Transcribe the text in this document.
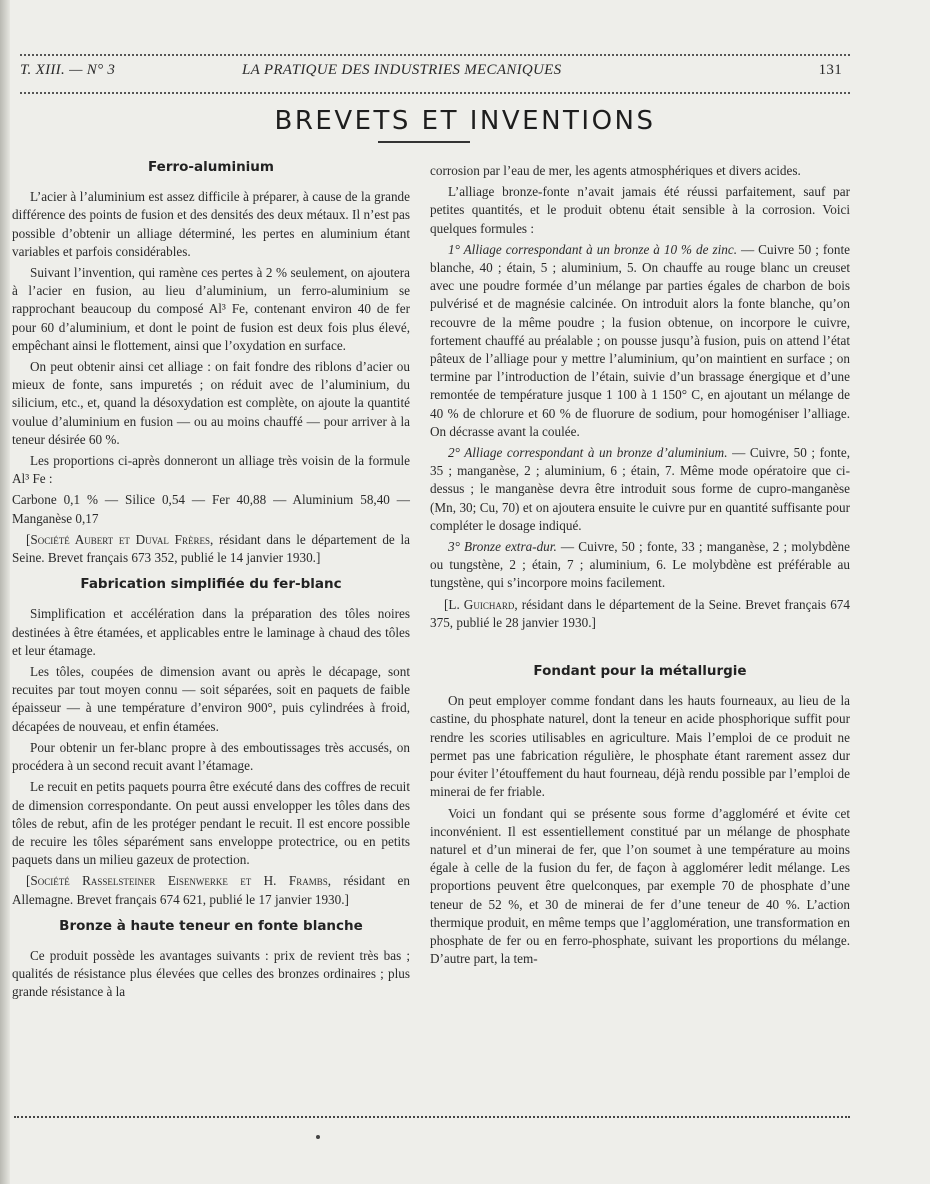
T. XIII. — N° 3	LA PRATIQUE DES INDUSTRIES MECANIQUES	131
BREVETS ET INVENTIONS
Ferro-aluminium

L’acier à l’aluminium est assez difficile à préparer, à cause de la grande différence des points de fusion et des densités des deux métaux. Il n’est pas possible d’obtenir un alliage déterminé, les pertes en aluminium étant variables et parfois considérables.

Suivant l’invention, qui ramène ces pertes à 2 % seulement, on ajoutera à l’acier en fusion, au lieu d’aluminium, un ferro-aluminium se rapprochant beaucoup du composé Al³ Fe, contenant environ 40 de fer pour 60 d’aluminium, et dont le point de fusion est deux fois plus élevé, empêchant ainsi le flottement, ainsi que l’oxydation en surface.

On peut obtenir ainsi cet alliage : on fait fondre des riblons d’acier ou mieux de fonte, sans impuretés ; on réduit avec de l’aluminium, du silicium, etc., et, quand la désoxydation est complète, on ajoute la quantité voulue d’aluminium en fusion — ou au moins chauffé — pour arriver à la teneur désirée 60 %.

Les proportions ci-après donneront un alliage très voisin de la formule Al³ Fe :

Carbone 0,1 % — Silice 0,54 — Fer 40,88 — Aluminium 58,40 — Manganèse 0,17

[Société Aubert et Duval Frères, résidant dans le département de la Seine. Brevet français 673 352, publié le 14 janvier 1930.]

Fabrication simplifiée du fer-blanc

Simplification et accélération dans la préparation des tôles noires destinées à être étamées, et applicables entre le laminage à chaud des tôles et leur étamage.

Les tôles, coupées de dimension avant ou après le décapage, sont recuites par tout moyen connu — soit séparées, soit en paquets de faible épaisseur — à une température d’environ 900°, puis cylindrées à froid, décapées de nouveau, et enfin étamées.

Pour obtenir un fer-blanc propre à des emboutissages très accusés, on procédera à un second recuit avant l’étamage.

Le recuit en petits paquets pourra être exécuté dans des coffres de recuit de dimension correspondante. On peut aussi envelopper les tôles dans des tôles de rebut, afin de les protéger pendant le recuit. Il est encore possible de recuire les tôles séparément sans enveloppe protectrice, ou en petits paquets dans un milieu gazeux de protection.

[Société Rasselsteiner Eisenwerke et H. Frambs, résidant en Allemagne. Brevet français 674 621, publié le 17 janvier 1930.]

Bronze à haute teneur en fonte blanche

Ce produit possède les avantages suivants : prix de revient très bas ; qualités de résistance plus élevées que celles des bronzes ordinaires ; plus grande résistance à la

corrosion par l’eau de mer, les agents atmosphériques et divers acides.

L’alliage bronze-fonte n’avait jamais été réussi parfaitement, sauf par petites quantités, et le produit obtenu était sensible à la corrosion. Voici quelques formules :

1° Alliage correspondant à un bronze à 10 % de zinc. — Cuivre 50 ; fonte blanche, 40 ; étain, 5 ; aluminium, 5. On chauffe au rouge blanc un creuset avec une poudre formée d’un mélange par parties égales de charbon de bois pulvérisé et de magnésie calcinée. On introduit alors la fonte blanche, qu’on recouvre de la même poudre ; la fusion obtenue, on incorpore le cuivre, fortement chauffé au préalable ; on pousse jusqu’à fusion, puis on attend l’état pâteux de l’alliage pour y mettre l’aluminium, qu’on maintient en surface ; on termine par l’introduction de l’étain, suivie d’un brassage énergique et d’une remontée de température jusque 1 100 à 1 150° C, en ajoutant un mélange de 40 % de chlorure et 60 % de fluorure de sodium, pour homogéniser l’alliage. On décrasse avant la coulée.

2° Alliage correspondant à un bronze d’aluminium. — Cuivre, 50 ; fonte, 35 ; manganèse, 2 ; aluminium, 6 ; étain, 7. Même mode opératoire que ci-dessus ; le manganèse devra être introduit sous forme de cupro-manganèse (Mn, 30; Cu, 70) et on ajoutera ensuite le cuivre pur en quantité suffisante pour compléter le dosage indiqué.

3° Bronze extra-dur. — Cuivre, 50 ; fonte, 33 ; manganèse, 2 ; molybdène ou tungstène, 2 ; étain, 7 ; aluminium, 6. Le molybdène est préférable au tungstène, qui s’incorpore moins facilement.

[L. Guichard, résidant dans le département de la Seine. Brevet français 674 375, publié le 28 janvier 1930.]

Fondant pour la métallurgie

On peut employer comme fondant dans les hauts fourneaux, au lieu de la castine, du phosphate naturel, dont la teneur en acide phosphorique suffit pour rendre les scories utilisables en agriculture. Mais l’emploi de ce produit ne permet pas une fabrication régulière, le phosphate étant rarement assez dur pour éviter l’étouffement du haut fourneau, déjà rendu possible par l’emploi de minerai de fer friable.

Voici un fondant qui se présente sous forme d’aggloméré et évite cet inconvénient. Il est essentiellement constitué par un mélange de phosphate naturel et d’un minerai de fer, que l’on soumet à une température au moins égale à celle de la fusion du fer, de façon à agglomérer ledit mélange. Les proportions peuvent être quelconques, par exemple 70 de phosphate d’une teneur de 52 %, et 30 de minerai de fer d’une teneur de 40 %. L’action thermique produit, en même temps que l’agglomération, une transformation en phosphate de fer ou en ferro-phosphate, suivant les proportions du mélange. D’autre part, la tem-
